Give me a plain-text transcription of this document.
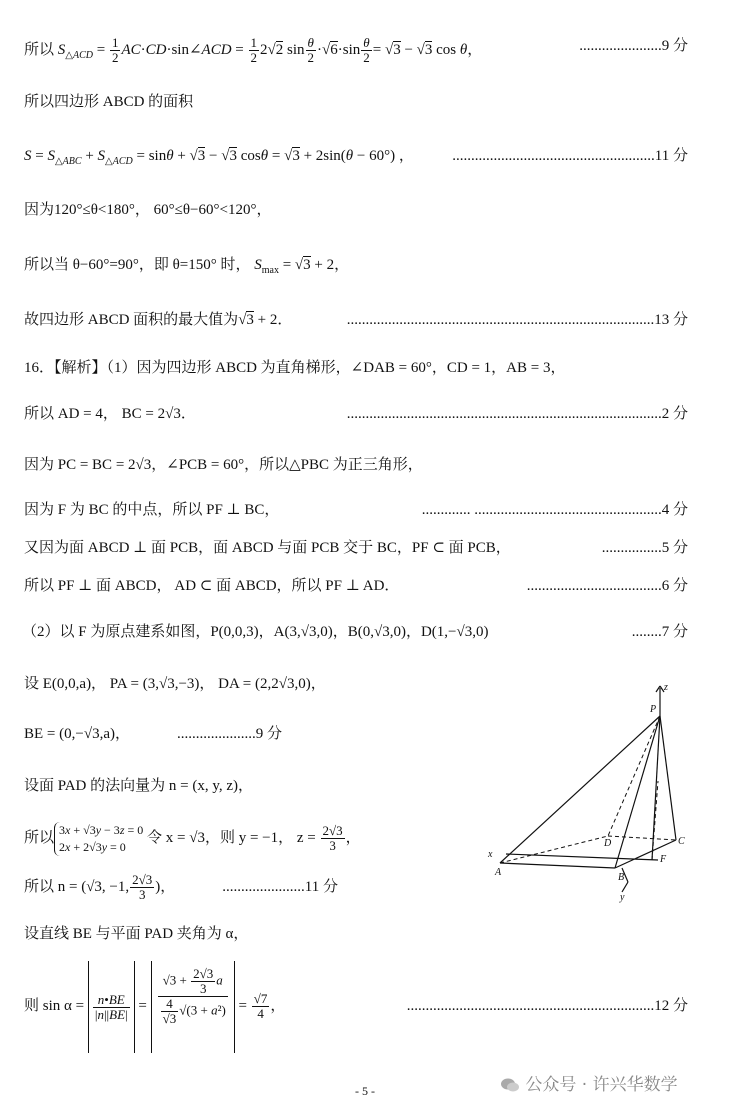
所以 $S_{\triangle ACD} = \frac{1}{2}$ AC·CD·sin∠ACD = $\frac{1}{2} 2√2$ $\sin \frac{\theta}{2} \cdot√6\cdot\sin \frac{\theta}{2} = √3 - √3$ cos θ，	......................9 分
所以四边形 ABCD 的面积
$S = S_{\triangle ABC} + S_{\triangle ACD} = \sin\theta + √3 - √3$ cosθ = √3 + 2sin(θ − 60°) ，	......................................................11 分
因为120°≤θ<180°， 60°≤θ−60°<120°，
所以当 θ−60°=90°，即 θ=150° 时， $S_{max} = √3 + 2$，
故四边形 ABCD 面积的最大值为√3 + 2．	..................................................................................13 分
16．【解析】（1）因为四边形 ABCD 为直角梯形，∠DAB = 60°，CD = 1，AB = 3，
所以 AD = 4， BC = 2√3．	....................................................................................2 分
因为 PC = BC = 2√3，∠PCB = 60°，所以△PBC 为正三角形，
因为 F 为 BC 的中点，所以 PF ⊥ BC，	............. ..................................................4 分
又因为面 ABCD ⊥ 面 PCB，面 ABCD 与面 PCB 交于 BC，PF ⊂ 面 PCB，	................5 分
所以 PF ⊥ 面 ABCD， AD ⊂ 面 ABCD，所以 PF ⊥ AD．	....................................6 分
（2）以 F 为原点建系如图，P(0,0,3)，A(3,√3,0)，B(0,√3,0)，D(1,−√3,0)	........7 分
设 E(0,0,a)， PA = (3,√3,−3)， DA = (2,2√3,0)，
BE = (0,−√3,a)，	.....................9 分
设面 PAD 的法向量为 n = (x, y, z)，
所以3x + √3y − 3z = 0
2x + 2√3y = 0 令 x = √3，则 y = −1， $z = \frac{2√3}{3}$ ，
所以 n = (√3, −1, $\frac{2√3}{3}$ )，	......................11 分
设直线 BE 与平面 PAD 夹角为 α，
则 $\sin \alpha = \frac{n•BE}{|n||BE|} = \frac{√3 + \frac{2√3}{3} a}{\frac{4}{√3} √(3 + a^2)} = \frac{√7}{4}$ ，	..................................................................12 分
z
P
D	C
x
A
F
B
y
公众号 · 许兴华数学
- 5 -
